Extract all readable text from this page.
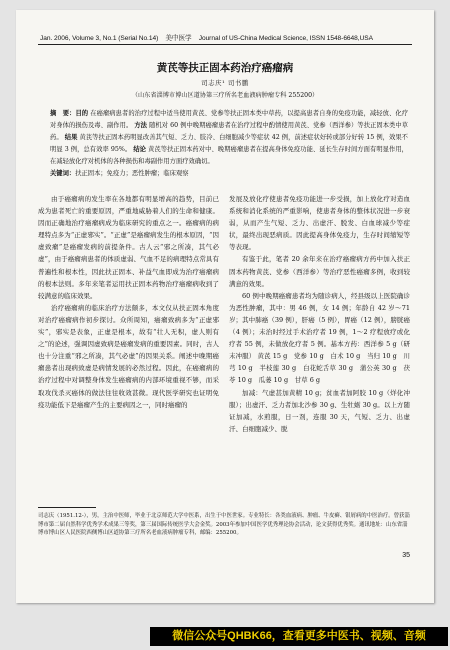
Jan. 2006, Volume 3, No.1 (Serial No.14) 美中医学 Journal of US-China Medical Science, ISSN 1548-6648,USA
黄芪等扶正固本药治疗癌瘤病
司志庆¹ 司书鹏
（山东省淄博市博山区道协第三疗所名老血液病肿瘤专科 255200）
摘　要：目的 在癌瘤病患者的治疗过程中适当使用黄芪、党参等扶正固本类中草药，以提高患者自身的免疫功能，减轻放、化疗对身体的损伤及毒、副作用。 方法 随机对 60 例中晚期癌瘤患者在治疗过程中酌情使用黄芪、党参（西洋参）等扶正固本类中草药。 结果 黄芪等扶正固本药明显改善其气短、乏力、肢冷、白细胞减少等症状 42 例，前述症状好转或部分好转 15 例，效果不明显 3 例，总有效率 95%。 结论 黄芪等扶正固本药对中、晚期癌瘤患者在提高身体免疫功能、延长生存时间方面有明显作用，在减轻放化疗对机体的各种损伤和毒副作用方面疗效确切。
关键词：扶正固本；免疫力；恶性肿瘤；临床观察

由于癌瘤病的发生率在各地都有明显增高的趋势，目前已成为患者死亡的重要原因，严重地威胁着人们的生命和健康。因而正确地治疗癌瘤病成为临床研究的重点之一。癌瘤病的病理特点多为“正虚邪实”。“正虚”是癌瘤病发生的根本原因，“因虚致瘤”是癌瘤发病的前提条件。古人云“邪之所凑，其气必虚”，由于癌瘤病患者的体质虚弱、气血不足的病理特点常具有普遍性和根本性，因此扶正固本、补益气血即成为治疗癌瘤病的根本法则。多年来笔者运用扶正固本药物治疗癌瘤病收到了较满意的临床效果。

治疗癌瘤病的临床治疗方法颇多，本文仅从扶正固本角度对治疗癌瘤病作初步探讨。众所周知，癌瘤致病多为“正虚邪实”，邪实是表象，正虚是根本，故有“壮人无积，虚人则有之”的论述，强调因虚致病是癌瘤发病的重要因素。同时，古人也十分注重“邪之所凑，其气必虚”的因果关系。阐述中晚期癌瘤患者出现病致虚是病情发展的必然过程。因此，在癌瘤病的治疗过程中对调整身体发生癌瘤病的内部环境重视不够，而采取攻伐杀灭癌体的做法往往收效甚微。现代医学研究也证明免疫功能低下是癌瘤产生的主要病因之一，同时癌瘤的

发展及放化疗使患者免疫功能进一步受损，加上放化疗对造血系统和消化系统的严重影响，使患者身体的整体状况进一步衰弱，从而产生气短、乏力、出虚汗、脱发、白血球减少等症状，最终出现恶病质。因此提高身体免疫力，生存时间缩短等等表现。

有鉴于此，笔者 20 余年来在治疗癌瘤病方药中加入扶正固本药物黄芪、党参（西洋参）等治疗恶性癌瘤多例，收到较满意的效果。

60 例中晚期癌瘤患者均为随诊病人，经县级以上医院确诊为恶性肿瘤，其中：男 46 例，女 14 例；年龄自 42 岁～71 岁；其中肺癌（39 例），肝癌（5 例），胃癌（12 例），膀胱癌（4 例）；未治时经过手术治疗者 19 例，1～2 疗程放疗或化疗者 55 例，未做放化疗者 5 例。基本方药：西洋参 5 g（研末冲服） 黄芪 15 g　党参 10 g　白术 10 g　当归 10 g　川芎 10 g　半枝莲 30 g　白花蛇舌草 30 g　蒲公英 30 g　茯苓 10 g　瓜蒌 10 g　甘草 6 g

加减：气虚甚加黄精 10 g；贫血者加阿胶 10 g（烊化冲服）；出虚汗、乏力者加北沙参 30 g、生牡蛎 30 g。以上方随证加减，水煎服，日一剂，连服 30 天，气短、乏力、出虚汗、白细胞减少、脱

司志庆（1951.12-），男，主治中医师，毕业于北京师范大学中医系，出生于中医世家。专业特长：各类血液病、肿瘤、牛皮癣、银屑病的中医治疗。曾获淄博市第二届自然科学优秀学术成果三等奖，第三届国际传统医学大会金奖。2003年参加中国医学优秀理论协会活动，论文获得优秀奖。通讯地址：山东省淄博市博山区人民医院西侧博山区道协第三疗所名老血液病肿瘤专科，邮编：255200。
35
微信公众号QHBK66，查看更多中医书、视频、音频
